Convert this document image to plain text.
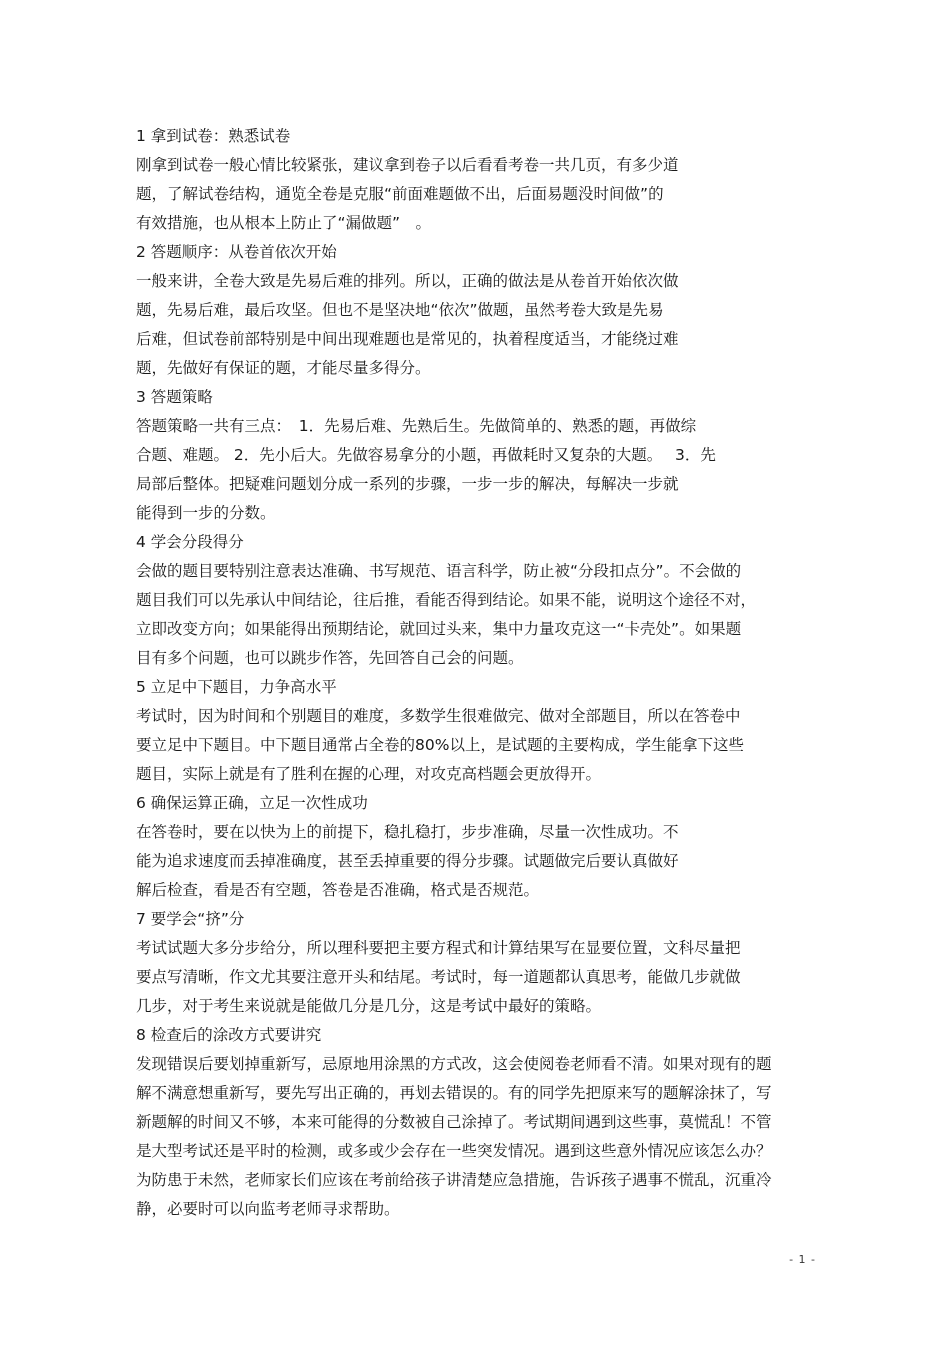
1 拿到试卷：熟悉试卷
刚拿到试卷一般心情比较紧张，建议拿到卷子以后看看考卷一共几页，有多少道
题，了解试卷结构，通览全卷是克服“前面难题做不出，后面易题没时间做”的
有效措施，也从根本上防止了“漏做题”　。
2 答题顺序：从卷首依次开始
一般来讲，全卷大致是先易后难的排列。所以，正确的做法是从卷首开始依次做
题，先易后难，最后攻坚。但也不是坚决地“依次”做题，虽然考卷大致是先易
后难，但试卷前部特别是中间出现难题也是常见的，执着程度适当，才能绕过难
题，先做好有保证的题，才能尽量多得分。
3 答题策略
答题策略一共有三点：　1．先易后难、先熟后生。先做简单的、熟悉的题，再做综
合题、难题。 2．先小后大。先做容易拿分的小题，再做耗时又复杂的大题。　 3．先
局部后整体。把疑难问题划分成一系列的步骤，一步一步的解决，每解决一步就
能得到一步的分数。
4 学会分段得分
会做的题目要特别注意表达准确、书写规范、语言科学，防止被“分段扣点分”。不会做的
题目我们可以先承认中间结论，往后推，看能否得到结论。如果不能，说明这个途径不对，
立即改变方向；如果能得出预期结论，就回过头来，集中力量攻克这一“卡壳处”。如果题
目有多个问题，也可以跳步作答，先回答自己会的问题。
5 立足中下题目，力争高水平
考试时，因为时间和个别题目的难度，多数学生很难做完、做对全部题目，所以在答卷中
要立足中下题目。中下题目通常占全卷的80%以上，是试题的主要构成，学生能拿下这些
题目，实际上就是有了胜利在握的心理，对攻克高档题会更放得开。
6 确保运算正确，立足一次性成功
在答卷时，要在以快为上的前提下，稳扎稳打，步步准确，尽量一次性成功。不
能为追求速度而丢掉准确度，甚至丢掉重要的得分步骤。试题做完后要认真做好
解后检查，看是否有空题，答卷是否准确，格式是否规范。
7 要学会“挤”分
考试试题大多分步给分，所以理科要把主要方程式和计算结果写在显要位置，文科尽量把
要点写清晰，作文尤其要注意开头和结尾。考试时，每一道题都认真思考，能做几步就做
几步，对于考生来说就是能做几分是几分，这是考试中最好的策略。
8 检查后的涂改方式要讲究
发现错误后要划掉重新写，忌原地用涂黑的方式改，这会使阅卷老师看不清。如果对现有的题
解不满意想重新写，要先写出正确的，再划去错误的。有的同学先把原来写的题解涂抹了，写
新题解的时间又不够，本来可能得的分数被自己涂掉了。考试期间遇到这些事，莫慌乱！不管
是大型考试还是平时的检测，或多或少会存在一些突发情况。遇到这些意外情况应该怎么办？
为防患于未然，老师家长们应该在考前给孩子讲清楚应急措施，告诉孩子遇事不慌乱，沉重冷
静，必要时可以向监考老师寻求帮助。
- 1 -
